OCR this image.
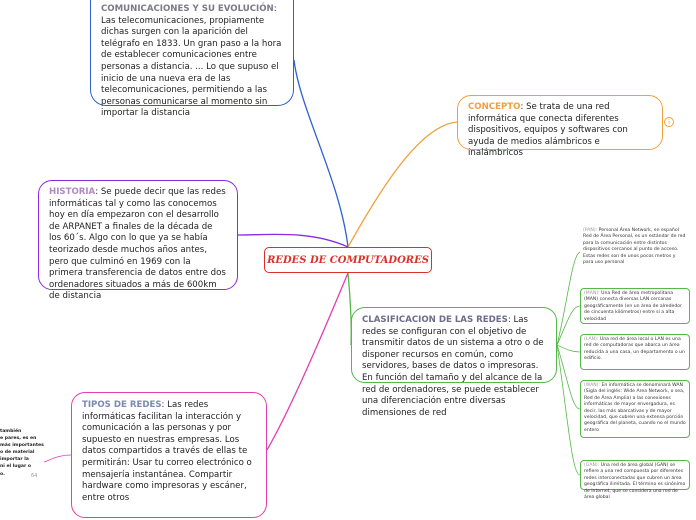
COMUNICACIONES Y SU EVOLUCIÓN: Las telecomunicaciones, propiamente dichas surgen con la aparición del telégrafo en 1833. Un gran paso a la hora de establecer comunicaciones entre personas a distancia. ... Lo que supuso el inicio de una nueva era de las telecomunicaciones, permitiendo a las personas comunicarse al momento sin importar la distancia
CONCEPTO: Se trata de una red informática que conecta diferentes dispositivos, equipos y softwares con ayuda de medios alámbricos e inalámbricos
i
HISTORIA: Se puede decir que las redes informáticas tal y como las conocemos hoy en día empezaron con el desarrollo de ARPANET a finales de la década de los 60´s. Algo con lo que ya se había teorizado desde muchos años antes, pero que culminó en 1969 con la primera transferencia de datos entre dos ordenadores situados a más de 600km de distancia
REDES DE COMPUTADORES
CLASIFICACION DE LAS REDES: Las redes se configuran con el objetivo de transmitir datos de un sistema a otro o de disponer recursos en común, como servidores, bases de datos o impresoras. En función del tamaño y del alcance de la red de ordenadores, se puede establecer una diferenciación entre diversas dimensiones de red
TIPOS DE REDES: Las redes informáticas facilitan la interacción y comunicación a las personas y por supuesto en nuestras empresas. Los datos compartidos a través de ellas te permitirán: Usar tu correo electrónico o mensajería instantánea. Compartir hardware como impresoras y escáner, entre otros
(PAN): Personal Área Network, en español Red de Área Personal, es un estándar de red para la comunicación entre distintos dispositivos cercanos al punto de acceso. Estas redes son de unos pocos metros y para uso personal
(MAN): Una Red de área metropolitana (MAN) conecta diversas LAN cercanas geográficamente (en un área de alrededor de cincuenta kilómetros) entre sí a alta velocidad
(LAN): Una red de área local o LAN es una red de computadoras que abarca un área reducida a una casa, un departamento o un edificio.
(WAN): En informática se denominará WAN (Sigla del inglés: Wide Area Network, o sea, Red de Área Amplia) a las conexiones informáticas de mayor envergadura, es decir, las más abarcativas y de mayor velocidad, que cubren una extensa porción geográfica del planeta, cuando no el mundo entero
(GAN): Una red de área global (GAN) se refiere a una red compuesta por diferentes redes interconectadas que cubren un área geográfica ilimitada. El término es sinónimo de Internet, que se considera una red de área global
también
e pares, es en
más importantes
o de material
importar la
ni el lugar o
o.	64
